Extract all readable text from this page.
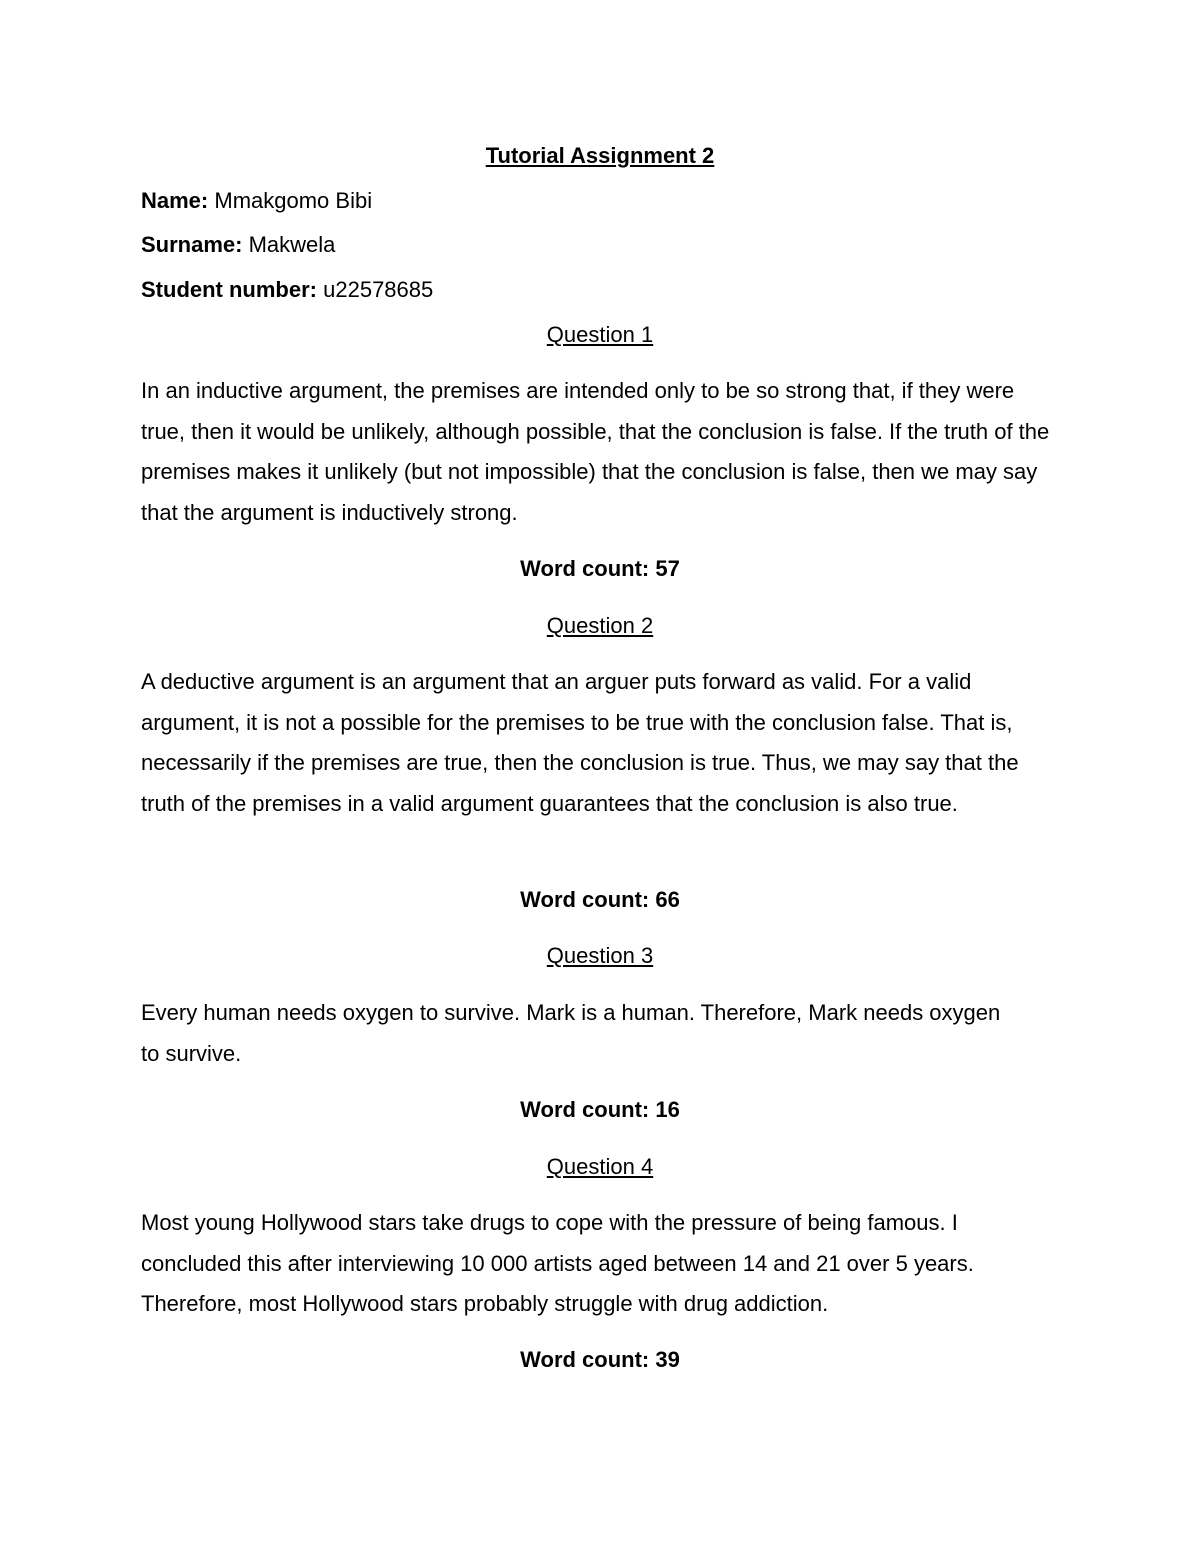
Tutorial Assignment 2
Name: Mmakgomo Bibi
Surname: Makwela
Student number: u22578685
Question 1
In an inductive argument, the premises are intended only to be so strong that, if they were true, then it would be unlikely, although possible, that the conclusion is false. If the truth of the premises makes it unlikely (but not impossible) that the conclusion is false, then we may say that the argument is inductively strong.
Word count: 57
Question 2
A deductive argument is an argument that an arguer puts forward as valid. For a valid argument, it is not a possible for the premises to be true with the conclusion false. That is, necessarily if the premises are true, then the conclusion is true. Thus, we may say that the truth of the premises in a valid argument guarantees that the conclusion is also true.
Word count: 66
Question 3
Every human needs oxygen to survive. Mark is a human. Therefore, Mark needs oxygen to survive.
Word count: 16
Question 4
Most young Hollywood stars take drugs to cope with the pressure of being famous. I concluded this after interviewing 10 000 artists aged between 14 and 21 over 5 years. Therefore, most Hollywood stars probably struggle with drug addiction.
Word count: 39
